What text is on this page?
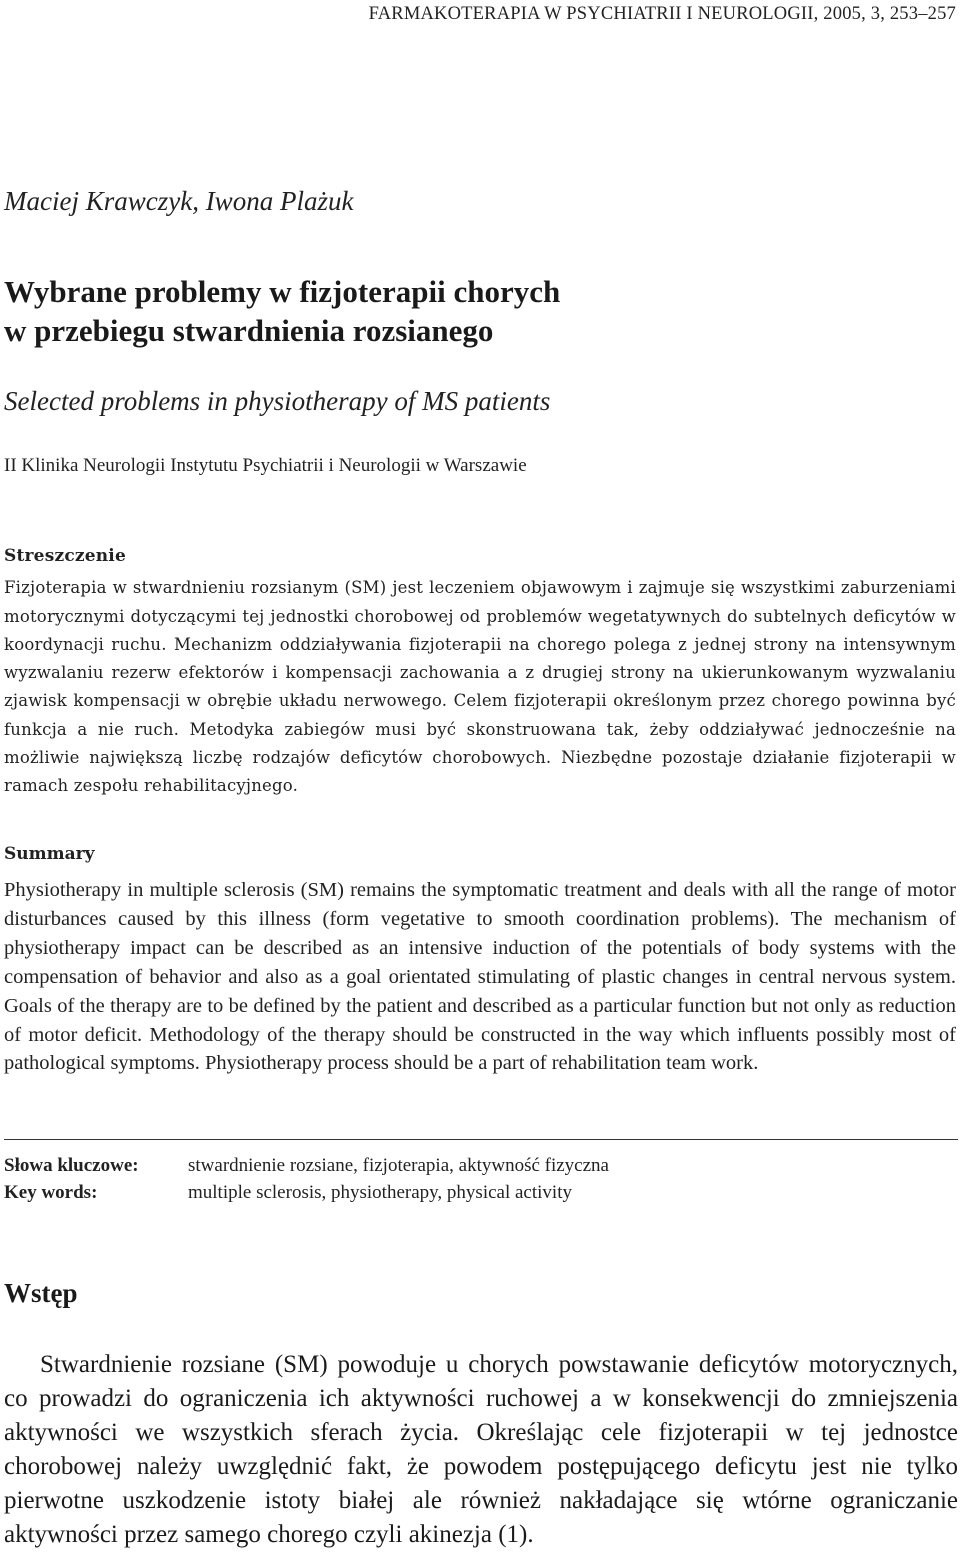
FARMAKOTERAPIA W PSYCHIATRII I NEUROLOGII, 2005, 3, 253–257
Maciej Krawczyk, Iwona Plażuk
Wybrane problemy w fizjoterapii chorych
w przebiegu stwardnienia rozsianego
Selected problems in physiotherapy of MS patients
II Klinika Neurologii Instytutu Psychiatrii i Neurologii w Warszawie
Streszczenie

Fizjoterapia w stwardnieniu rozsianym (SM) jest leczeniem objawowym i zajmuje się wszystkimi zaburzeniami motorycznymi dotyczącymi tej jednostki chorobowej od problemów wegetatywnych do subtelnych deficytów w koordynacji ruchu. Mechanizm oddziaływania fizjoterapii na chorego polega z jednej strony na intensywnym wyzwalaniu rezerw efektorów i kompensacji zachowania a z drugiej strony na ukierunkowanym wyzwalaniu zjawisk kompensacji w obrębie układu nerwowego. Celem fizjoterapii określonym przez chorego powinna być funkcja a nie ruch. Metodyka zabiegów musi być skonstruowana tak, żeby oddziaływać jednocześnie na możliwie największą liczbę rodzajów deficytów chorobowych. Niezbędne pozostaje działanie fizjoterapii w ramach zespołu rehabilitacyjnego.

Summary

Physiotherapy in multiple sclerosis (SM) remains the symptomatic treatment and deals with all the range of motor disturbances caused by this illness (form vegetative to smooth coordination problems). The mechanism of physiotherapy impact can be described as an intensive induction of the potentials of body systems with the compensation of behavior and also as a goal orientated stimulating of plastic changes in central nervous system. Goals of the therapy are to be defined by the patient and described as a particular function but not only as reduction of motor deficit. Methodology of the therapy should be constructed in the way which influents possibly most of pathological symptoms. Physiotherapy process should be a part of rehabilitation team work.

Słowa kluczowe:	stwardnienie rozsiane, fizjoterapia, aktywność fizyczna
Key words:	multiple sclerosis, physiotherapy, physical activity
Wstęp

Stwardnienie rozsiane (SM) powoduje u chorych powstawanie deficytów motorycznych, co prowadzi do ograniczenia ich aktywności ruchowej a w konsekwencji do zmniejszenia aktywności we wszystkich sferach życia. Określając cele fizjoterapii w tej jednostce chorobowej należy uwzględnić fakt, że powodem postępującego deficytu jest nie tylko pierwotne uszkodzenie istoty białej ale również nakładające się wtórne ograniczanie aktywności przez samego chorego czyli akinezja (1).
